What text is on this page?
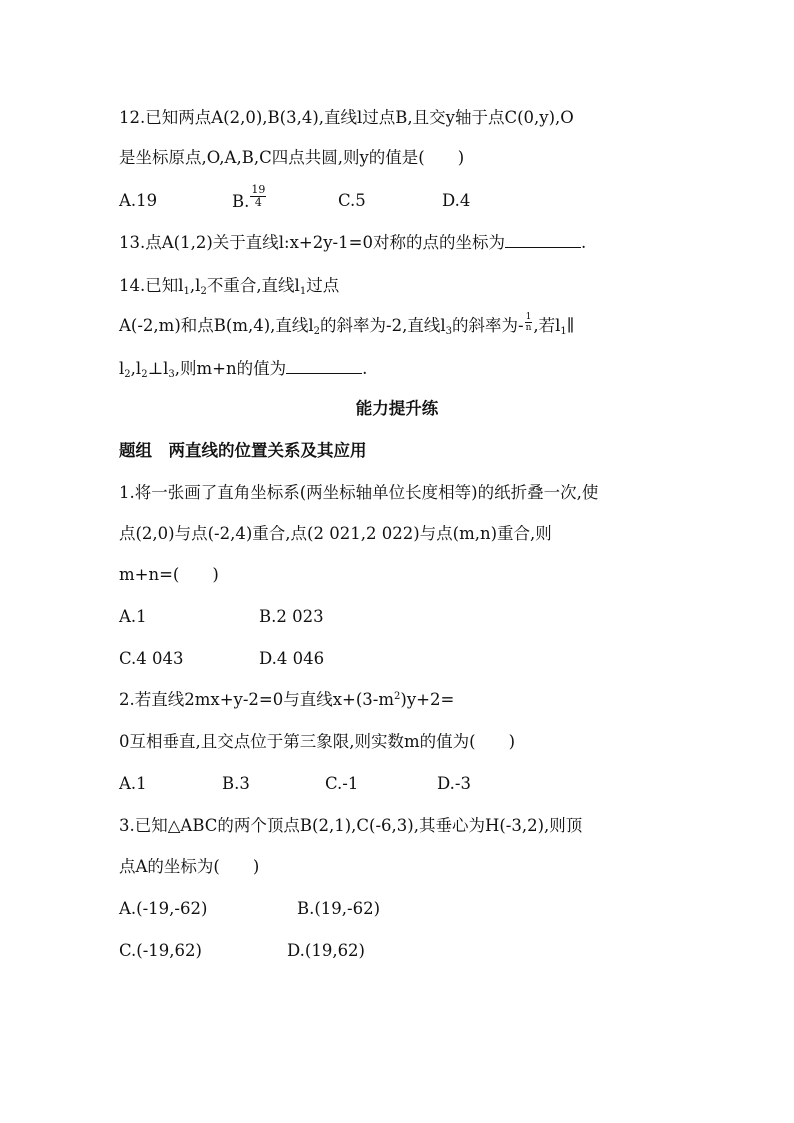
12.已知两点A(2,0),B(3,4),直线l过点B,且交y轴于点C(0,y),O
是坐标原点,O,A,B,C四点共圆,则y的值是(　　)
A.19	B. $\frac{19}{4}$	C.5	D.4
13.点A(1,2)关于直线l:x+2y-1=0对称的点的坐标为	.
14.已知$l_1,l_2$不重合,直线$l_1$过点
A(-2,m)和点B(m,4),直线$l_2$的斜率为-2,直线$l_3$的斜率为- $\frac{1}{n}$ ,若$l_1\parallel$
$l_2,l_2\perp l_3$,则m+n的值为	.
能力提升练
题组　两直线的位置关系及其应用
1.将一张画了直角坐标系(两坐标轴单位长度相等)的纸折叠一次,使
点(2,0)与点(-2,4)重合,点(2 021,2 022)与点(m,n)重合,则
m+n=(　　)
A.1	B.2 023
C.4 043	D.4 046
2.若直线2mx+y-2=0与直线$x+(3-m^2)y+2=$
0互相垂直,且交点位于第三象限,则实数m的值为(　　)
A.1	B.3	C.-1	D.-3
3.已知△ABC的两个顶点B(2,1),C(-6,3),其垂心为H(-3,2),则顶
点A的坐标为(　　)
A.(-19,-62)	B.(19,-62)
C.(-19,62)	D.(19,62)
